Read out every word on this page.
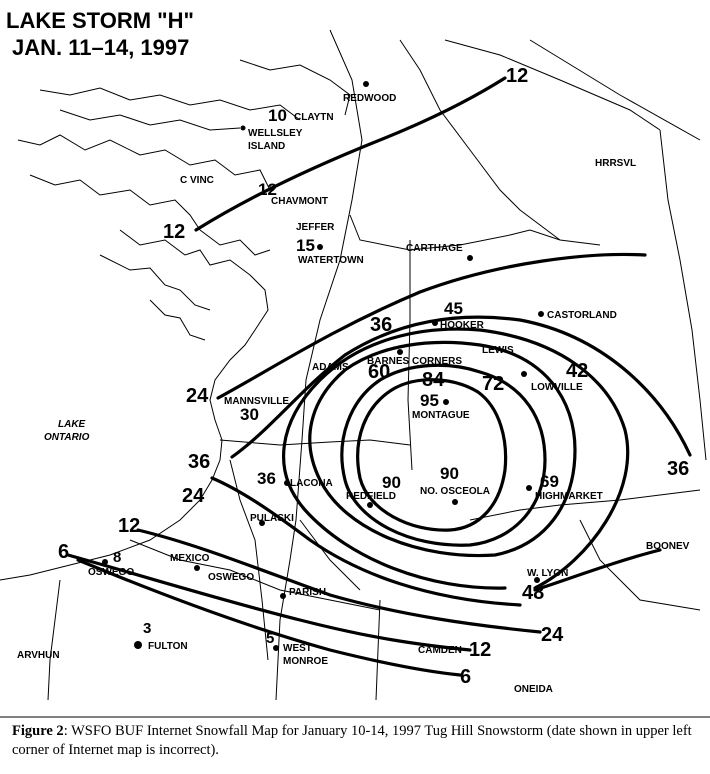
LAKE STORM "H"
JAN. 11–14, 1997
LAKE
ONTARIO
REDWOOD
CLAYTN
WELLSLEY
ISLAND
C VINC
CHAVMONT
HRRSVL
JEFFER
WATERTOWN
CARTHAGE
CASTORLAND
HOOKER
BARNES CORNERS
LEWIS
ADAMS
LOWVILLE
MANNSVILLE
MONTAGUE
LACONA
REDFIELD NO. OSCEOLA	HIGHMARKET
PULASKI
MEXICO
OSWEGO
OSWEGO
PARISH
BOONEV
W. LYON
FULTON	WEST
MONROE
CAMDEN
ARVHUN
ONEIDA
10
12
15
45
60	42
30
95
36	90 90	69
8
3
5
12
12
36
24
36
24
12
6
84 72
36
48
24
12
6
Figure 2: WSFO BUF Internet Snowfall Map for January 10-14, 1997 Tug Hill Snowstorm (date shown in upper left corner of Internet map is incorrect).
